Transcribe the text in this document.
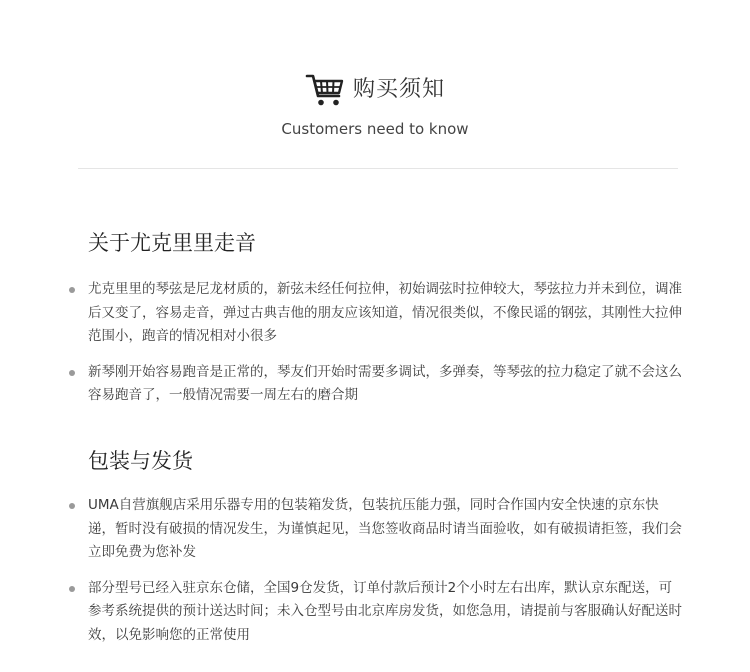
购买须知
Customers need to know
关于尤克里里走音
尤克里里的琴弦是尼龙材质的，新弦未经任何拉伸，初始调弦时拉伸较大，琴弦拉力并未到位，调准后又变了，容易走音，弹过古典吉他的朋友应该知道，情况很类似，不像民谣的钢弦，其刚性大拉伸范围小，跑音的情况相对小很多
新琴刚开始容易跑音是正常的，琴友们开始时需要多调试，多弹奏，等琴弦的拉力稳定了就不会这么容易跑音了，一般情况需要一周左右的磨合期
包装与发货
UMA自营旗舰店采用乐器专用的包装箱发货，包装抗压能力强，同时合作国内安全快速的京东快递，暂时没有破损的情况发生，为谨慎起见，当您签收商品时请当面验收，如有破损请拒签，我们会立即免费为您补发
部分型号已经入驻京东仓储，全国9仓发货，订单付款后预计2个小时左右出库，默认京东配送，可参考系统提供的预计送达时间；未入仓型号由北京库房发货，如您急用，请提前与客服确认好配送时效，以免影响您的正常使用
